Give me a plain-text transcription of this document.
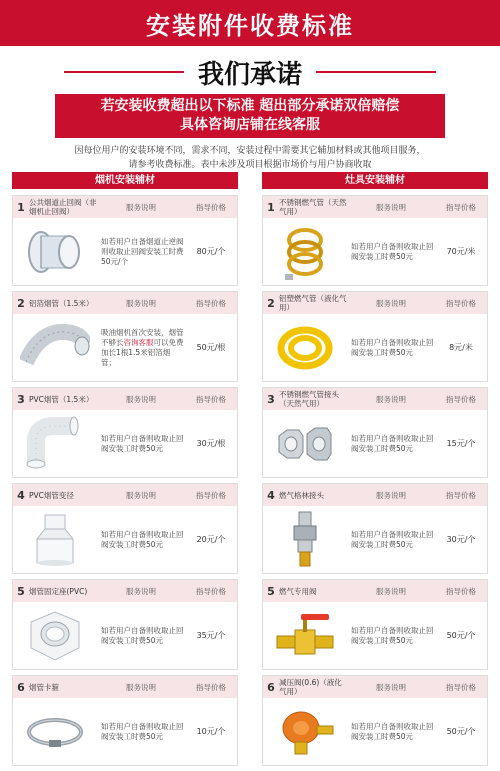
安装附件收费标准
我们承诺
若安装收费超出以下标准 超出部分承诺双倍赔偿
具体咨询店铺在线客服
因每位用户的安装环境不同，需求不同，安装过程中需要其它辅加材料或其他项目服务，
请参考收费标准。表中未涉及项目根据市场价与用户协商收取
烟机安装辅材
1 公共烟道止回阀（非烟机止回阀）	服务说明	指导价格
如若用户自备烟道止逆阀则收取止回阀安装工时费50元/个
80元/个
2 铝箔烟管（1.5米）	服务说明	指导价格
吸油烟机首次安装，烟管不够长咨询客服可以免费加长1根1.5米铝箔烟管；
50元/根
3 PVC烟管（1.5米）	服务说明	指导价格
如若用户自备则收取止回阀安装工时费50元	30元/根
4 PVC烟管变径	服务说明	指导价格
如若用户自备则收取止回阀安装工时费50元	20元/个
5 烟管固定座(PVC)	服务说明	指导价格
如若用户自备则收取止回阀安装工时费50元	35元/个
6 烟管卡箍	服务说明	指导价格
如若用户自备则收取止回阀安装工时费50元	10元/个
灶具安装辅材
1 不锈钢燃气管（天然气用）	服务说明	指导价格
如若用户自备则收取止回阀安装工时费50元	70元/米
2 铝塑燃气管（液化气用）	服务说明	指导价格
如若用户自备则收取止回阀安装工时费50元	8元/米
3 不锈钢燃气管接头（天然气用）	服务说明	指导价格
如若用户自备则收取止回阀安装工时费50元	15元/个
4 燃气格林接头	服务说明	指导价格
如若用户自备则收取止回阀安装工时费50元	30元/个
5 燃气专用阀	服务说明	指导价格
如若用户自备则收取止回阀安装工时费50元	50元/个
6 减压阀(0.6)（液化气用）	服务说明	指导价格
如若用户自备则收取止回阀安装工时费50元	50元/个
